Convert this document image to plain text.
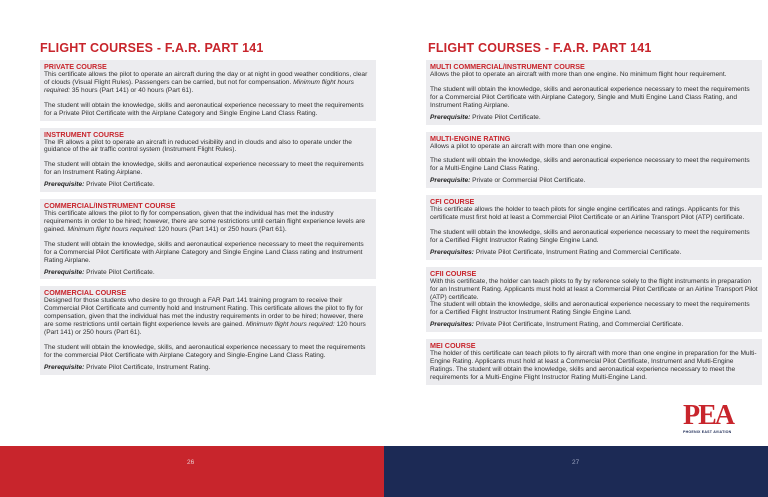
FLIGHT COURSES - F.A.R. PART 141
PRIVATE COURSE

This certificate allows the pilot to operate an aircraft during the day or at night in good weather conditions, clear of clouds (Visual Flight Rules). Passengers can be carried, but not for compensation. Minimum flight hours required: 35 hours (Part 141) or 40 hours (Part 61).

The student will obtain the knowledge, skills and aeronautical experience necessary to meet the requirements for a Private Pilot Certificate with the Airplane Category and Single Engine Land Class Rating.

INSTRUMENT COURSE

The IR allows a pilot to operate an aircraft in reduced visibility and in clouds and also to operate under the guidance of the air traffic control system (Instrument Flight Rules).

The student will obtain the knowledge, skills and aeronautical experience necessary to meet the requirements for an Instrument Rating Airplane.

Prerequisite: Private Pilot Certificate.

COMMERCIAL/INSTRUMENT COURSE

This certificate allows the pilot to fly for compensation, given that the individual has met the industry requirements in order to be hired; however, there are some restrictions until certain flight experience levels are gained. Minimum flight hours required: 120 hours (Part 141) or 250 hours (Part 61).

The student will obtain the knowledge, skills and aeronautical experience necessary to meet the requirements for a Commercial Pilot Certificate with Airplane Category and Single Engine Land Class rating and Instrument Rating Airplane.

Prerequisite: Private Pilot Certificate.

COMMERCIAL COURSE

Designed for those students who desire to go through a FAR Part 141 training program to receive their Commercial Pilot Certificate and currently hold and Instrument Rating. This certificate allows the pilot to fly for compensation, given that the individual has met the industry requirements in order to be hired; however, there are some restrictions until certain flight experience levels are gained. Minimum flight hours required: 120 hours (Part 141) or 250 hours (Part 61).

The student will obtain the knowledge, skills, and aeronautical experience necessary to meet the requirements for the commercial Pilot Certificate with Airplane Category and Single-Engine Land Class Rating.

Prerequisite: Private Pilot Certificate, Instrument Rating.

FLIGHT COURSES - F.A.R. PART 141
MULTI COMMERCIAL/INSTRUMENT COURSE

Allows the pilot to operate an aircraft with more than one engine. No minimum flight hour requirement.

The student will obtain the knowledge, skills and aeronautical experience necessary to meet the requirements for a Commercial Pilot Certificate with Airplane Category, Single and Multi Engine Land Class Rating, and Instrument Rating Airplane.

Prerequisite: Private Pilot Certificate.

MULTI-ENGINE RATING

Allows a pilot to operate an aircraft with more than one engine.

The student will obtain the knowledge, skills and aeronautical experience necessary to meet the requirements for a Multi-Engine Land Class Rating.

Prerequisite: Private or Commercial Pilot Certificate.

CFI COURSE

This certificate allows the holder to teach pilots for single engine certificates and ratings. Applicants for this certificate must first hold at least a Commercial Pilot Certificate or an Airline Transport Pilot (ATP) certificate.

The student will obtain the knowledge, skills and aeronautical experience necessary to meet the requirements for a Certified Flight Instructor Rating Single Engine Land.

Prerequisites: Private Pilot Certificate, Instrument Rating and Commercial Certificate.

CFII COURSE

With this certificate, the holder can teach pilots to fly by reference solely to the flight instruments in preparation for an Instrument Rating. Applicants must hold at least a Commercial Pilot Certificate or an Airline Transport Pilot (ATP) certificate.
The student will obtain the knowledge, skills and aeronautical experience necessary to meet the requirements for a Certified Flight Instructor Instrument Rating Single Engine Land.

Prerequisites: Private Pilot Certificate, Instrument Rating, and Commercial Certificate.

MEI COURSE

The holder of this certificate can teach pilots to fly aircraft with more than one engine in preparation for the Multi-Engine Rating. Applicants must hold at least a Commercial Pilot Certificate, Instrument and Multi-Engine Ratings. The student will obtain the knowledge, skills and aeronautical experience necessary to meet the requirements for a Multi-Engine Flight Instructor Rating Multi-Engine Land.

PEA
PHOENIX EAST AVIATION
26	27
